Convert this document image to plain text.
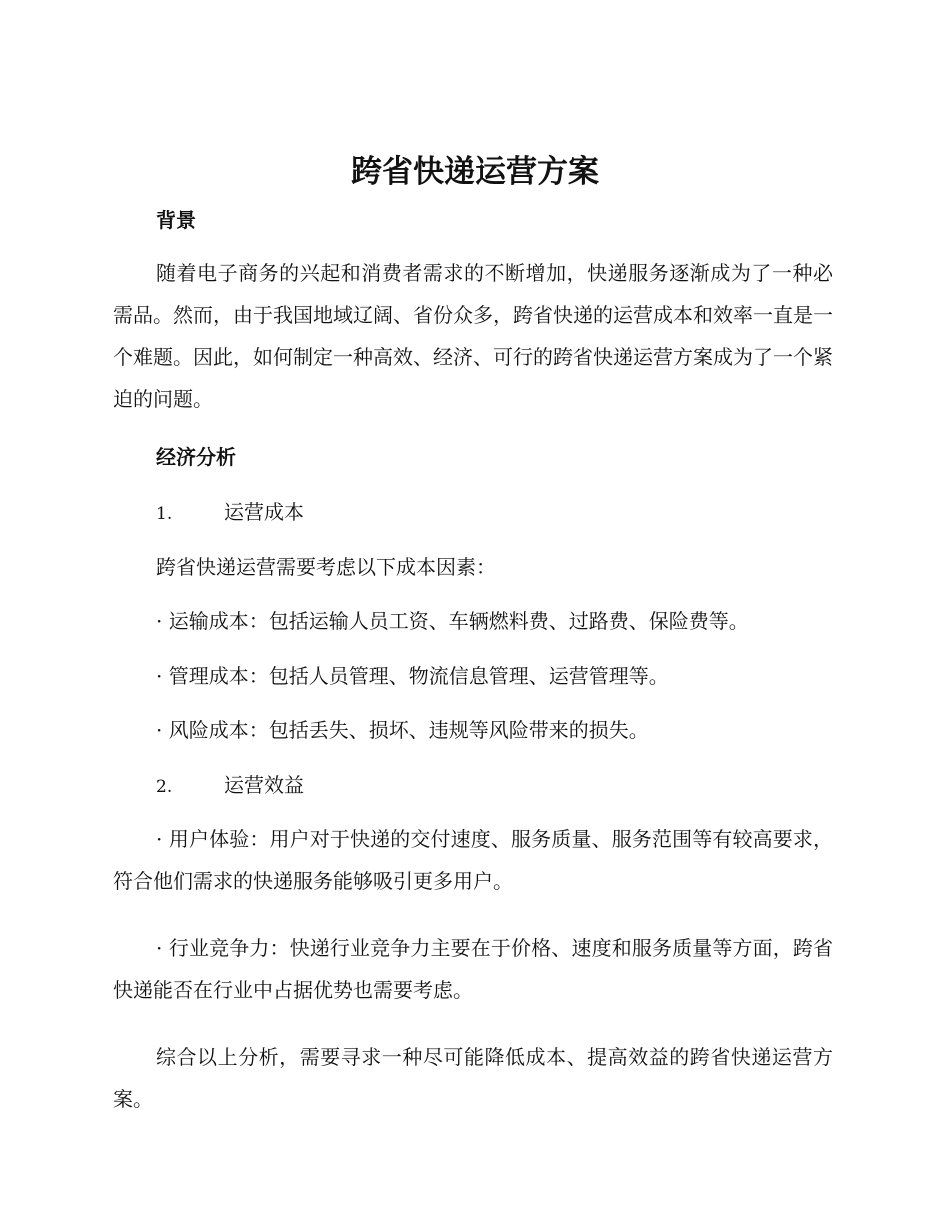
跨省快递运营方案
背景
随着电子商务的兴起和消费者需求的不断增加，快递服务逐渐成为了一种必需品。然而，由于我国地域辽阔、省份众多，跨省快递的运营成本和效率一直是一个难题。因此，如何制定一种高效、经济、可行的跨省快递运营方案成为了一个紧迫的问题。
经济分析
1.	运营成本
跨省快递运营需要考虑以下成本因素：
· 运输成本：包括运输人员工资、车辆燃料费、过路费、保险费等。
· 管理成本：包括人员管理、物流信息管理、运营管理等。
· 风险成本：包括丢失、损坏、违规等风险带来的损失。
2.	运营效益
· 用户体验：用户对于快递的交付速度、服务质量、服务范围等有较高要求，符合他们需求的快递服务能够吸引更多用户。
· 行业竞争力：快递行业竞争力主要在于价格、速度和服务质量等方面，跨省快递能否在行业中占据优势也需要考虑。
综合以上分析，需要寻求一种尽可能降低成本、提高效益的跨省快递运营方案。
